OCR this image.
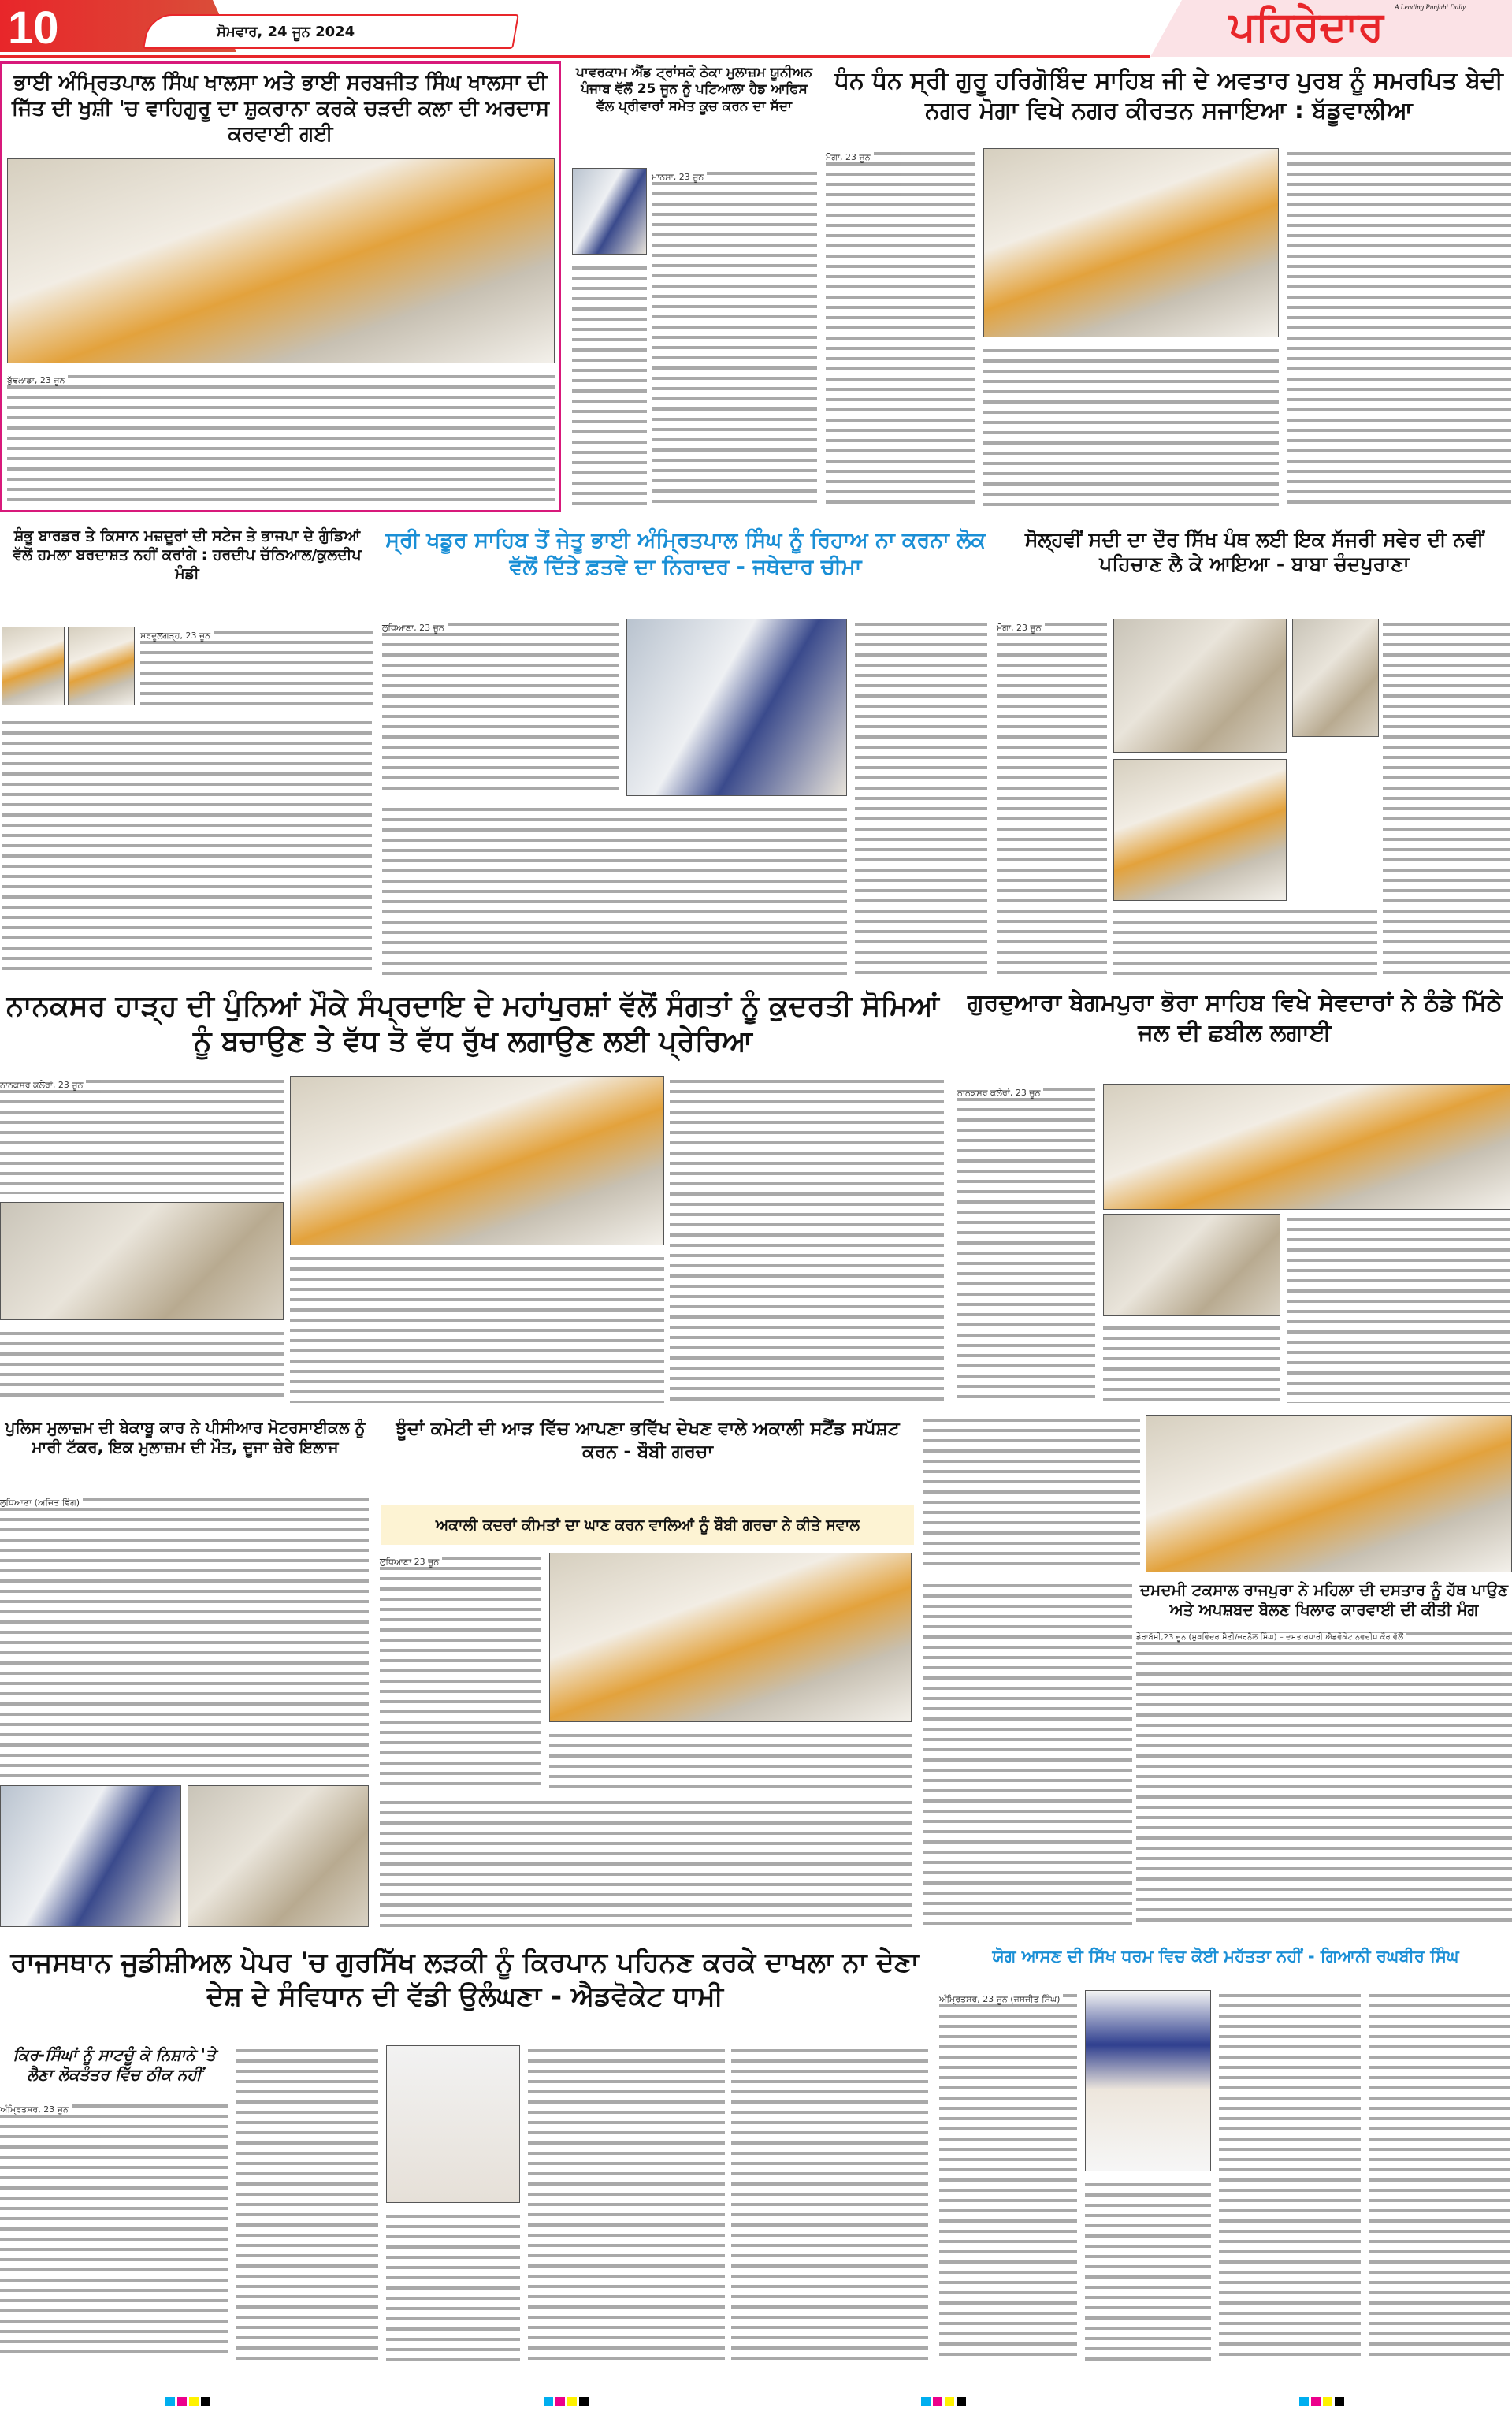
10	ਸੋਮਵਾਰ, 24 ਜੂਨ 2024	ਪਹਿਰੇਦਾਰ A Leading Punjabi Daily
ਭਾਈ ਅੰਮ੍ਰਿਤਪਾਲ ਸਿੰਘ ਖਾਲਸਾ ਅਤੇ ਭਾਈ ਸਰਬਜੀਤ ਸਿੰਘ ਖਾਲਸਾ ਦੀ ਜਿੱਤ ਦੀ ਖੁਸ਼ੀ 'ਚ ਵਾਹਿਗੁਰੂ ਦਾ ਸ਼ੁਕਰਾਨਾ ਕਰਕੇ ਚੜਦੀ ਕਲਾ ਦੀ ਅਰਦਾਸ ਕਰਵਾਈ ਗਈ
ਬੁੱਢਲਾਡਾ, 23 ਜੂਨ
ਪਾਵਰਕਾਮ ਐਂਡ ਟ੍ਰਾਂਸਕੋ ਠੇਕਾ ਮੁਲਾਜ਼ਮ ਯੂਨੀਅਨ ਪੰਜਾਬ ਵੱਲੋਂ 25 ਜੂਨ ਨੂੰ ਪਟਿਆਲਾ ਹੈਡ ਆਫਿਸ ਵੱਲ ਪ੍ਰੀਵਾਰਾਂ ਸਮੇਤ ਕੂਚ ਕਰਨ ਦਾ ਸੱਦਾ
ਮਾਨਸਾ, 23 ਜੂਨ
ਧੰਨ ਧੰਨ ਸ੍ਰੀ ਗੁਰੂ ਹਰਿਗੋਬਿੰਦ ਸਾਹਿਬ ਜੀ ਦੇ ਅਵਤਾਰ ਪੁਰਬ ਨੂੰ ਸਮਰਪਿਤ ਬੇਦੀ ਨਗਰ ਮੋਗਾ ਵਿਖੇ ਨਗਰ ਕੀਰਤਨ ਸਜਾਇਆ : ਬੱਡੂਵਾਲੀਆ
ਮੋਗਾ, 23 ਜੂਨ
ਸ਼ੰਭੂ ਬਾਰਡਰ ਤੇ ਕਿਸਾਨ ਮਜ਼ਦੂਰਾਂ ਦੀ ਸਟੇਜ ਤੇ ਭਾਜਪਾ ਦੇ ਗੁੰਡਿਆਂ ਵੱਲੋਂ ਹਮਲਾ ਬਰਦਾਸ਼ਤ ਨਹੀਂ ਕਰਾਂਗੇ : ਹਰਦੀਪ ਚੱਠਿਆਲ/ਕੁਲਦੀਪ ਮੰਡੀ
ਸਰਦੂਲਗੜ੍ਹ, 23 ਜੂਨ
ਸ੍ਰੀ ਖਡੂਰ ਸਾਹਿਬ ਤੋਂ ਜੇਤੂ ਭਾਈ ਅੰਮ੍ਰਿਤਪਾਲ ਸਿੰਘ ਨੂੰ ਰਿਹਾਅ ਨਾ ਕਰਨਾ ਲੋਕ ਵੱਲੋਂ ਦਿੱਤੇ ਫ਼ਤਵੇ ਦਾ ਨਿਰਾਦਰ - ਜਥੇਦਾਰ ਚੀਮਾ
ਲੁਧਿਆਣਾ, 23 ਜੂਨ
ਸੋਲ੍ਹਵੀਂ ਸਦੀ ਦਾ ਦੌਰ ਸਿੱਖ ਪੰਥ ਲਈ ਇਕ ਸੱਜਰੀ ਸਵੇਰ ਦੀ ਨਵੀਂ ਪਹਿਚਾਣ ਲੈ ਕੇ ਆਇਆ - ਬਾਬਾ ਚੰਦਪੁਰਾਣਾ
ਮੋਗਾ, 23 ਜੂਨ
ਨਾਨਕਸਰ ਹਾੜ੍ਹ ਦੀ ਪੁੰਨਿਆਂ ਮੌਕੇ ਸੰਪ੍ਰਦਾਇ ਦੇ ਮਹਾਂਪੁਰਸ਼ਾਂ ਵੱਲੋਂ ਸੰਗਤਾਂ ਨੂੰ ਕੁਦਰਤੀ ਸੋਮਿਆਂ ਨੂੰ ਬਚਾਉਣ ਤੇ ਵੱਧ ਤੋ ਵੱਧ ਰੁੱਖ ਲਗਾਉਣ ਲਈ ਪ੍ਰੇਰਿਆ
ਨਾਨਕਸਰ ਕਲੇਰਾਂ, 23 ਜੂਨ
ਗੁਰਦੁਆਰਾ ਬੇਗਮਪੁਰਾ ਭੋਰਾ ਸਾਹਿਬ ਵਿਖੇ ਸੇਵਦਾਰਾਂ ਨੇ ਠੰਡੇ ਮਿੱਠੇ ਜਲ ਦੀ ਛਬੀਲ ਲਗਾਈ
ਨਾਨਕਸਰ ਕਲੇਰਾਂ, 23 ਜੂਨ
ਪੁਲਿਸ ਮੁਲਾਜ਼ਮ ਦੀ ਬੇਕਾਬੂ ਕਾਰ ਨੇ ਪੀਸੀਆਰ ਮੋਟਰਸਾਈਕਲ ਨੂੰ ਮਾਰੀ ਟੱਕਰ, ਇਕ ਮੁਲਾਜ਼ਮ ਦੀ ਮੌਤ, ਦੂਜਾ ਜ਼ੇਰੇ ਇਲਾਜ
ਲੁਧਿਆਣਾ (ਅਜਿਤ ਵਿੰਗ)
ਝੂੰਦਾਂ ਕਮੇਟੀ ਦੀ ਆੜ ਵਿੱਚ ਆਪਣਾ ਭਵਿੱਖ ਦੇਖਣ ਵਾਲੇ ਅਕਾਲੀ ਸਟੈਂਡ ਸਪੱਸ਼ਟ ਕਰਨ - ਬੌਬੀ ਗਰਚਾ
ਅਕਾਲੀ ਕਦਰਾਂ ਕੀਮਤਾਂ ਦਾ ਘਾਣ ਕਰਨ ਵਾਲਿਆਂ ਨੂੰ ਬੌਬੀ ਗਰਚਾ ਨੇ ਕੀਤੇ ਸਵਾਲ
ਲੁਧਿਆਣਾ 23 ਜੂਨ
ਦਮਦਮੀ ਟਕਸਾਲ ਰਾਜਪੁਰਾ ਨੇ ਮਹਿਲਾ ਦੀ ਦਸਤਾਰ ਨੂੰ ਹੱਥ ਪਾਉਣ ਅਤੇ ਅਪਸ਼ਬਦ ਬੋਲਣ ਖਿਲਾਫ ਕਾਰਵਾਈ ਦੀ ਕੀਤੀ ਮੰਗ
ਡੇਰਾਬੱਸੀ,23 ਜੂਨ (ਸੁਖਵਿੰਦਰ ਸੈਣੀ/ਜਰਨੈਲ ਸਿੰਘ) – ਦਸਤਾਰਧਾਰੀ ਐਡਵੋਕੇਟ ਨਵਦੀਪ ਕੌਰ ਵੱਲੋਂ
ਰਾਜਸਥਾਨ ਜੁਡੀਸ਼ੀਅਲ ਪੇਪਰ 'ਚ ਗੁਰਸਿੱਖ ਲੜਕੀ ਨੂੰ ਕਿਰਪਾਨ ਪਹਿਨਣ ਕਰਕੇ ਦਾਖਲਾ ਨਾ ਦੇਣਾ ਦੇਸ਼ ਦੇ ਸੰਵਿਧਾਨ ਦੀ ਵੱਡੀ ਉਲੰਘਣਾ - ਐਡਵੋਕੇਟ ਧਾਮੀ
ਕਿਰ-ਸਿੰਘਾਂ ਨੂੰ ਸਾਟਚੂੰ ਕੇ ਨਿਸ਼ਾਨੇ 'ਤੇ ਲੈਣਾ ਲੋਕਤੰਤਰ ਵਿੱਚ ਠੀਕ ਨਹੀਂ
ਅੰਮ੍ਰਿਤਸਰ, 23 ਜੂਨ
ਯੋਗ ਆਸਣ ਦੀ ਸਿੱਖ ਧਰਮ ਵਿਚ ਕੋਈ ਮਹੱਤਤਾ ਨਹੀਂ - ਗਿਆਨੀ ਰਘਬੀਰ ਸਿੰਘ
ਅੰਮ੍ਰਿਤਸਰ, 23 ਜੂਨ (ਜਸਜੀਤ ਸਿੰਘ)
